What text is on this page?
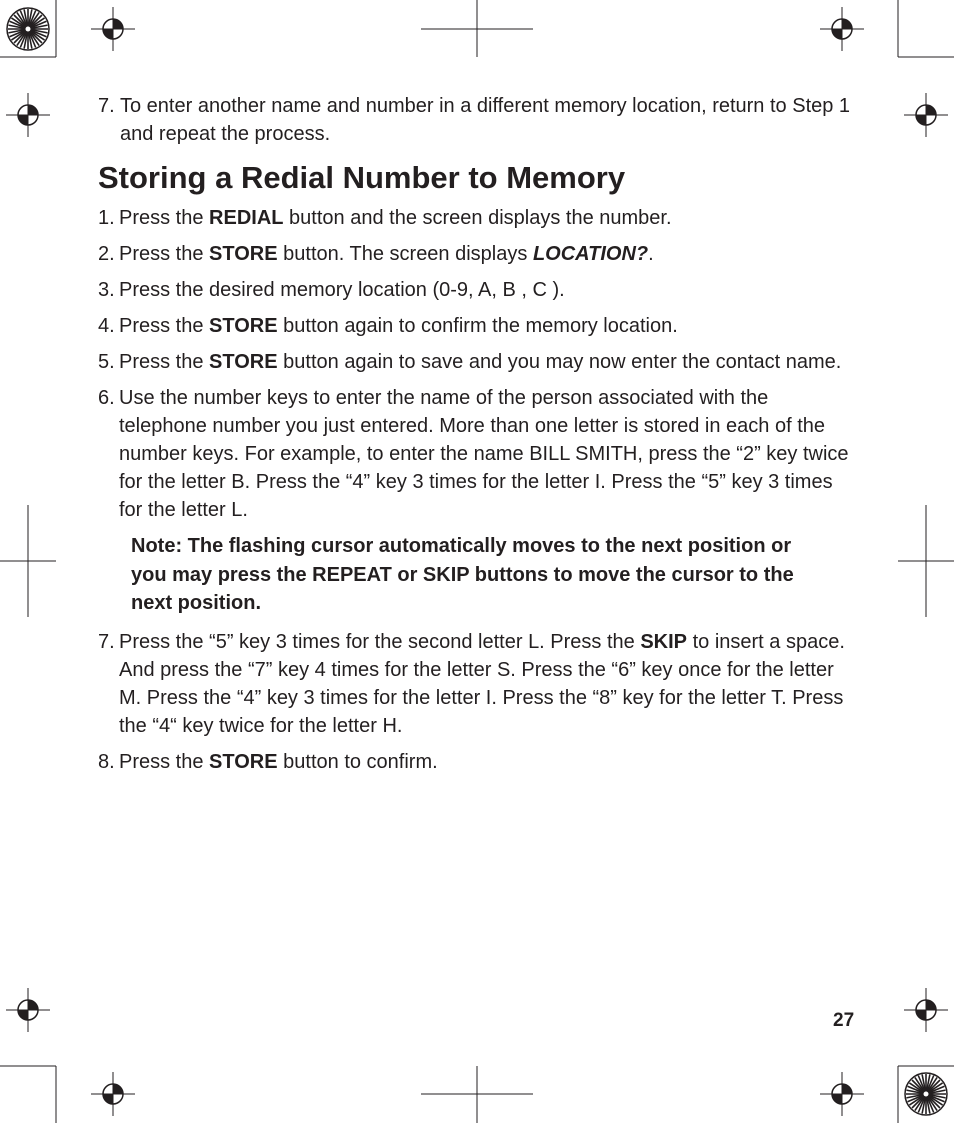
7. To enter another name and number in a different memory location, return to Step 1 and repeat the process.

Storing a Redial Number to Memory
1. Press the REDIAL button and the screen displays the number.
2. Press the STORE button. The screen displays LOCATION?.
3. Press the desired memory location (0-9, A, B , C ).
4. Press the STORE button again to confirm the memory location.
5. Press the STORE button again to save and you may now enter the contact name.
6. Use the number keys to enter the name of the person associated with the telephone number you just entered. More than one letter is stored in each of the number keys. For example, to enter the name BILL SMITH, press the “2” key twice for the letter B. Press the “4” key 3 times for the letter I. Press the “5” key 3 times for the letter L.
Note: The flashing cursor automatically moves to the next position or you may press the REPEAT or SKIP buttons to move the cursor to the next position.
7. Press the “5” key 3 times for the second letter L. Press the SKIP to insert a space. And press the “7” key 4 times for the letter S. Press the “6” key once for the letter M. Press the “4” key 3 times for the letter I. Press the “8” key for the letter T. Press the “4“ key twice for the letter H.
8. Press the STORE button to confirm.
27
